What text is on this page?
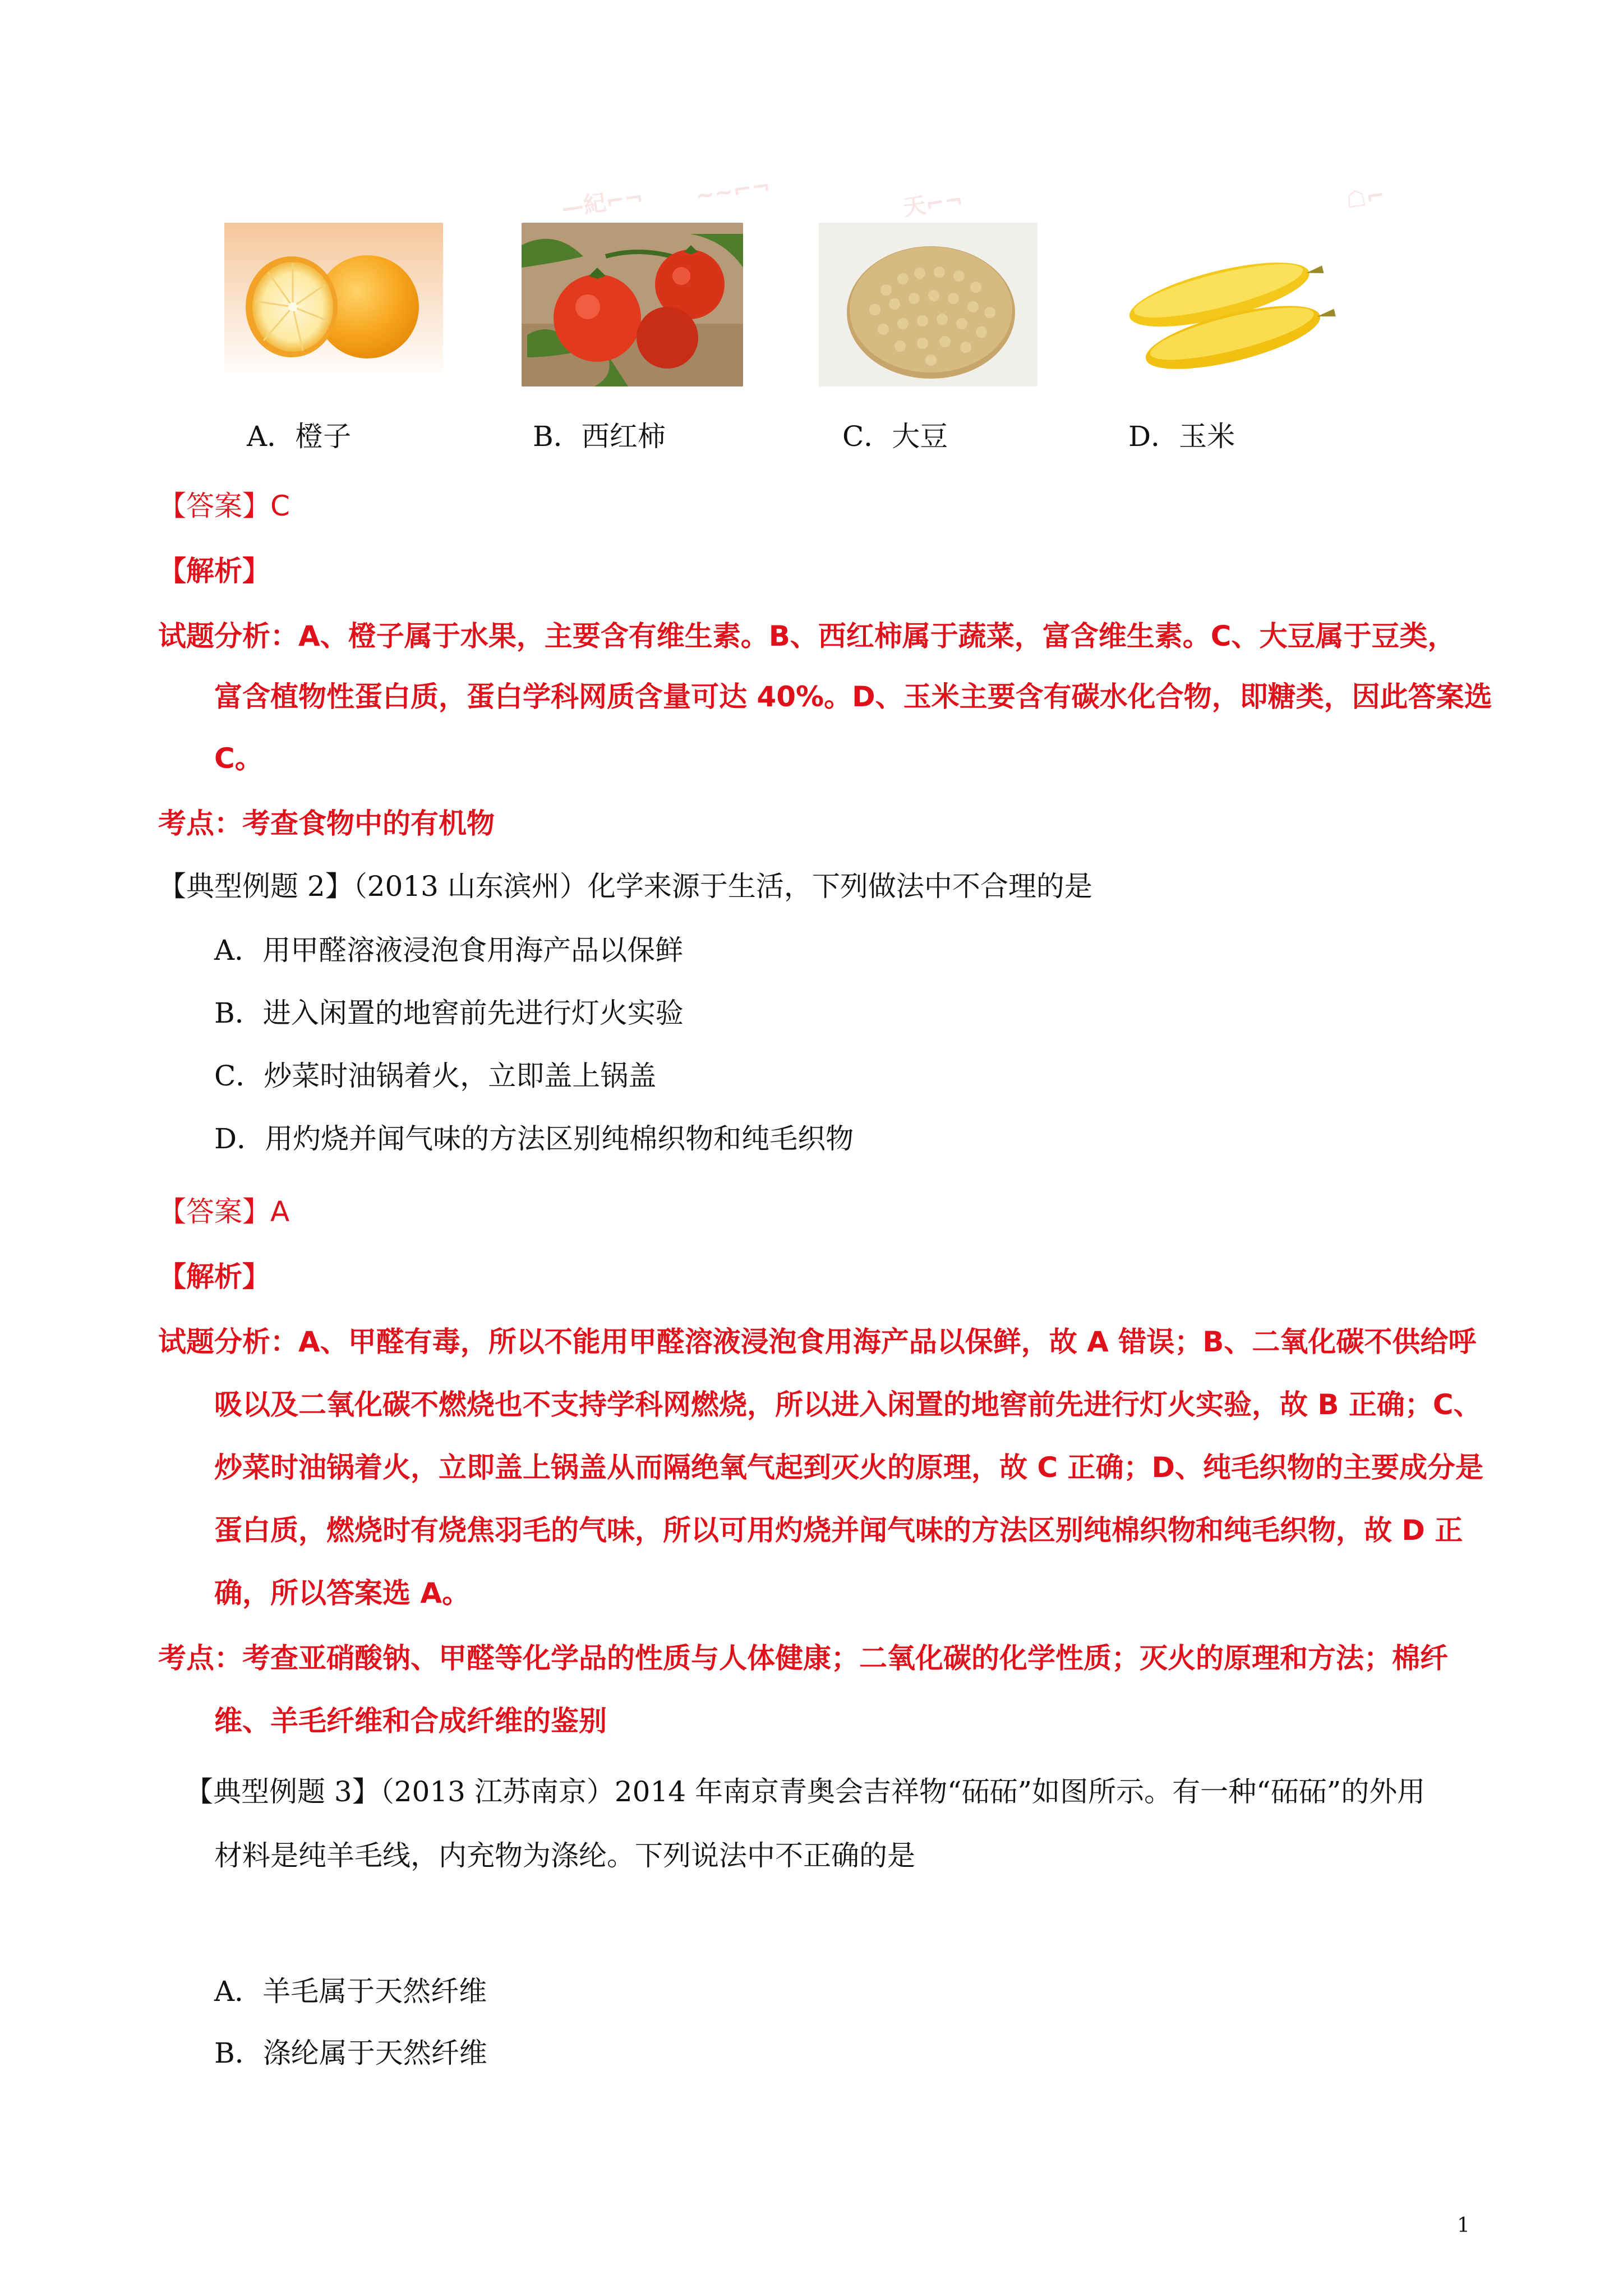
—紀⌐¬ ~~⌐¬	天⌐¬	☖⌐
A．橙子	B．西红柿	C．大豆	D．玉米
【答案】C
【解析】
试题分析：A、橙子属于水果，主要含有维生素。B、西红柿属于蔬菜，富含维生素。C、大豆属于豆类，
富含植物性蛋白质，蛋白学科网质含量可达 40%。D、玉米主要含有碳水化合物，即糖类，因此答案选
C。
考点：考查食物中的有机物
【典型例题 2】（2013 山东滨州）化学来源于生活，下列做法中不合理的是
A．用甲醛溶液浸泡食用海产品以保鲜
B．进入闲置的地窖前先进行灯火实验
C．炒菜时油锅着火，立即盖上锅盖
D．用灼烧并闻气味的方法区别纯棉织物和纯毛织物
【答案】A
【解析】
试题分析：A、甲醛有毒，所以不能用甲醛溶液浸泡食用海产品以保鲜，故 A 错误；B、二氧化碳不供给呼
吸以及二氧化碳不燃烧也不支持学科网燃烧，所以进入闲置的地窖前先进行灯火实验，故 B 正确；C、
炒菜时油锅着火，立即盖上锅盖从而隔绝氧气起到灭火的原理，故 C 正确；D、纯毛织物的主要成分是
蛋白质，燃烧时有烧焦羽毛的气味，所以可用灼烧并闻气味的方法区别纯棉织物和纯毛织物，故 D 正
确，所以答案选 A。
考点：考查亚硝酸钠、甲醛等化学品的性质与人体健康；二氧化碳的化学性质；灭火的原理和方法；棉纤
维、羊毛纤维和合成纤维的鉴别
【典型例题 3】（2013 江苏南京）2014 年南京青奥会吉祥物“砳砳”如图所示。有一种“砳砳”的外用
材料是纯羊毛线，内充物为涤纶。下列说法中不正确的是
A．羊毛属于天然纤维
B．涤纶属于天然纤维
1
